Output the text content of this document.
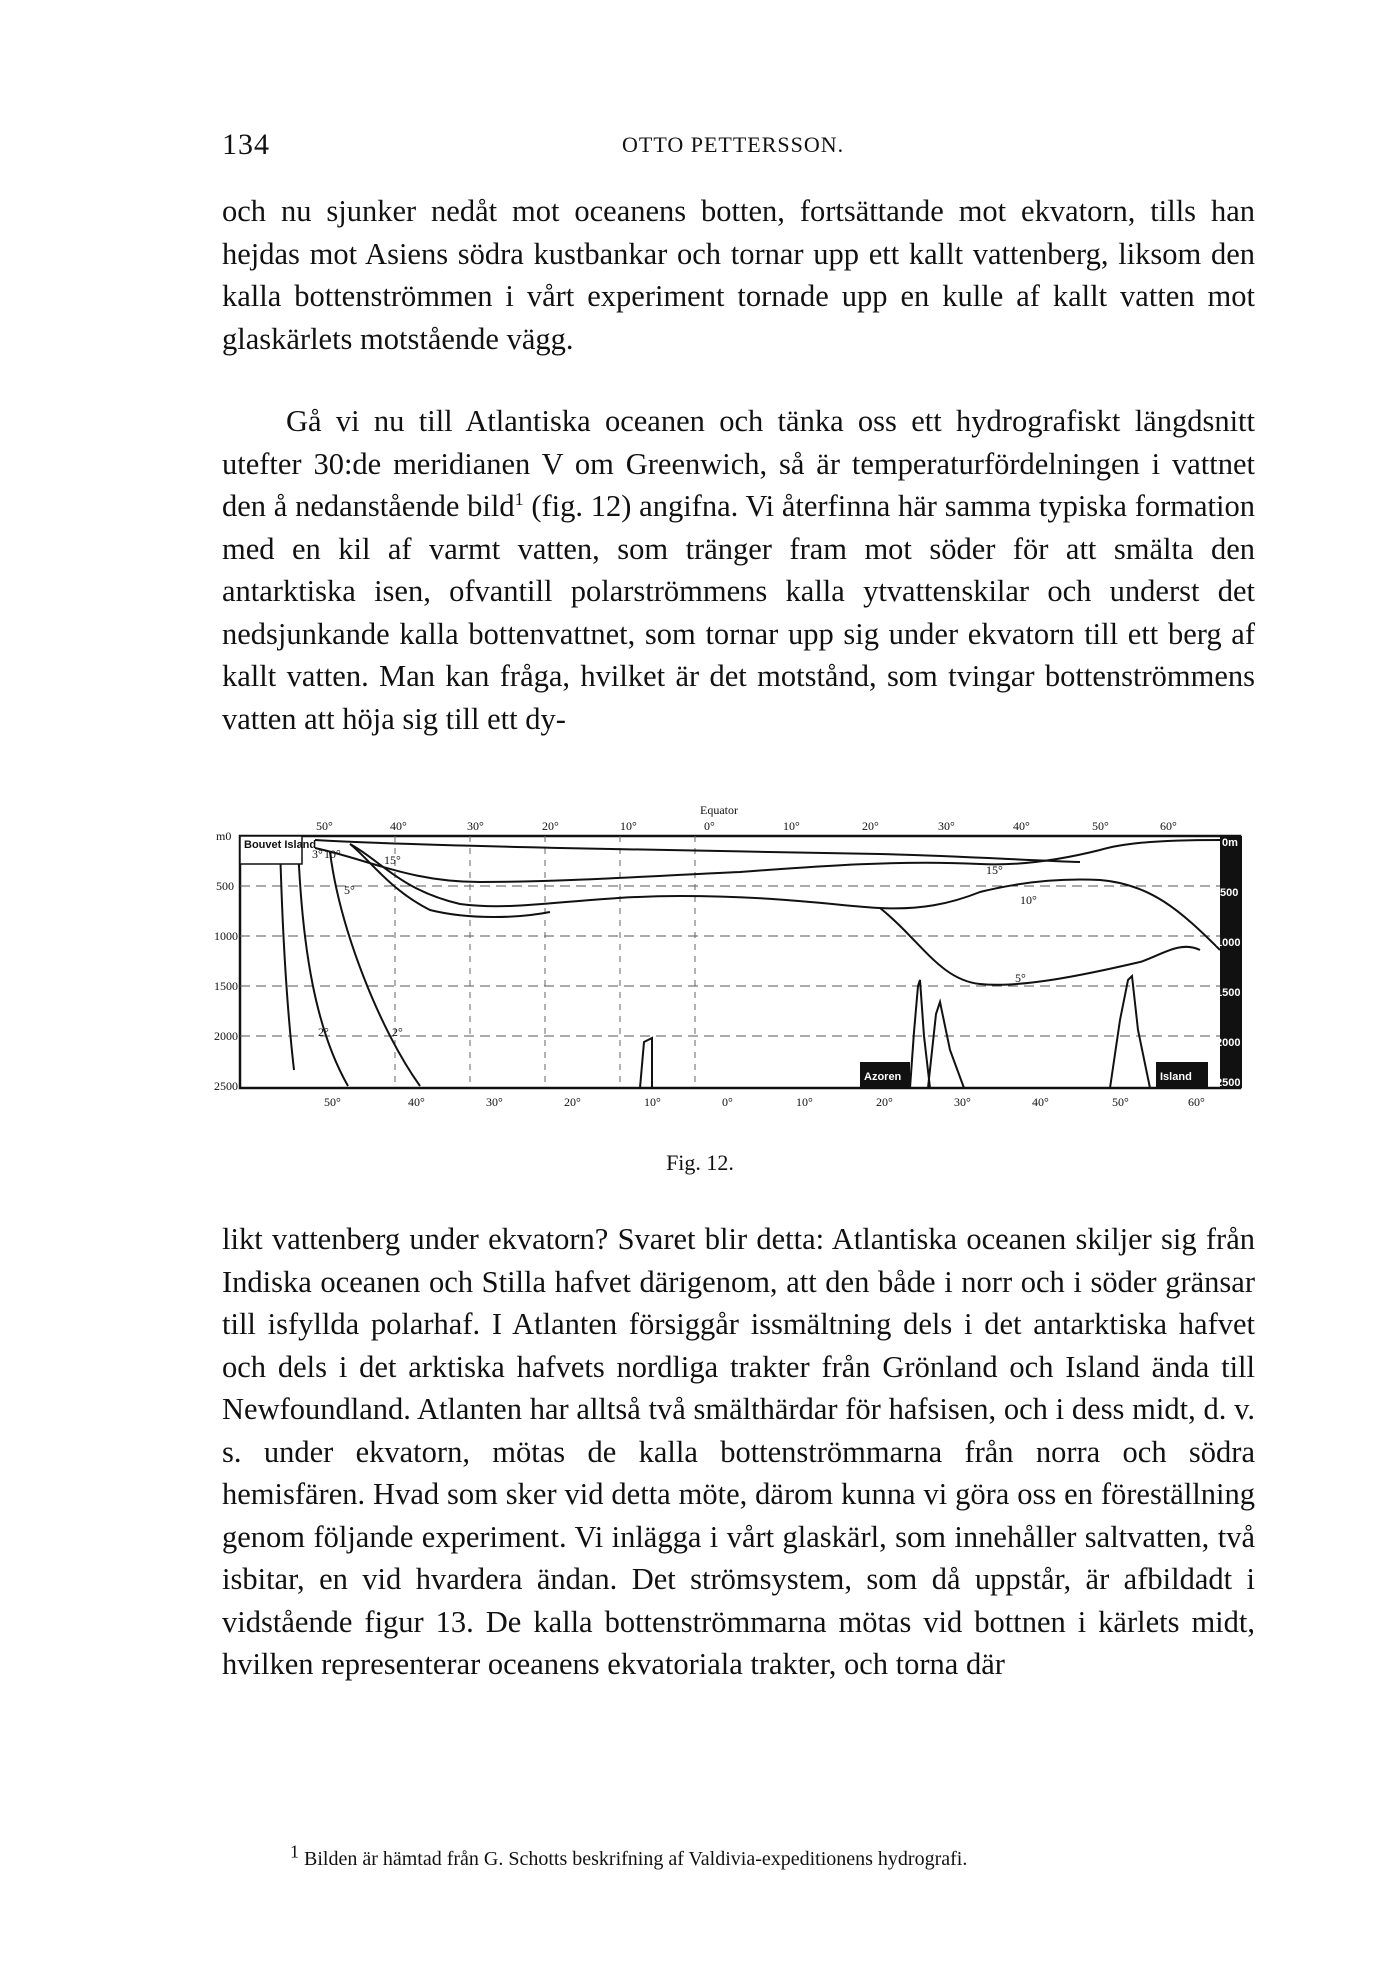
134	OTTO PETTERSSON.

och nu sjunker nedåt mot oceanens botten, fortsättande mot ekvatorn, tills han hejdas mot Asiens södra kustbankar och tornar upp ett kallt vattenberg, liksom den kalla bottenströmmen i vårt experiment tornade upp en kulle af kallt vatten mot glaskärlets motstående vägg.

Gå vi nu till Atlantiska oceanen och tänka oss ett hydrografiskt längdsnitt utefter 30:de meridianen V om Greenwich, så är temperaturfördelningen i vattnet den å nedanstående bild$^1$ (fig. 12) angifna. Vi återfinna här samma typiska formation med en kil af varmt vatten, som tränger fram mot söder för att smälta den antarktiska isen, ofvantill polarströmmens kalla ytvattenskilar och underst det nedsjunkande kalla bottenvattnet, som tornar upp sig under ekvatorn till ett berg af kallt vatten. Man kan fråga, hvilket är det motstånd, som tvingar bottenströmmens vatten att höja sig till ett dy-

Bouvet Island
Azoren	Island
3° 10°	15°
15°
10°
5°
5°
2°	2°
Equator
50°	40°	30°	20°	10°	0°	10°	20°	30°	40°	50°	60°
50°	40°	30°	20°	10°	0°	10°	20°	30°	40°	50°	60°
m0
500
1000
1500
2000
2500
0m
500
1000
1500
2000
2500
Fig. 12.

likt vattenberg under ekvatorn? Svaret blir detta: Atlantiska oceanen skiljer sig från Indiska oceanen och Stilla hafvet därigenom, att den både i norr och i söder gränsar till isfyllda polarhaf. I Atlanten försiggår issmältning dels i det antarktiska hafvet och dels i det arktiska hafvets nordliga trakter från Grönland och Island ända till Newfoundland. Atlanten har alltså två smälthärdar för hafsisen, och i dess midt, d. v. s. under ekvatorn, mötas de kalla bottenströmmarna från norra och södra hemisfären. Hvad som sker vid detta möte, därom kunna vi göra oss en föreställning genom följande experiment. Vi inlägga i vårt glaskärl, som innehåller saltvatten, två isbitar, en vid hvardera ändan. Det strömsystem, som då uppstår, är afbildadt i vidstående figur 13. De kalla bottenströmmarna mötas vid bottnen i kärlets midt, hvilken representerar oceanens ekvatoriala trakter, och torna där

$^1$ Bilden är hämtad från G. Schotts beskrifning af Valdivia-expeditionens hydrografi.
